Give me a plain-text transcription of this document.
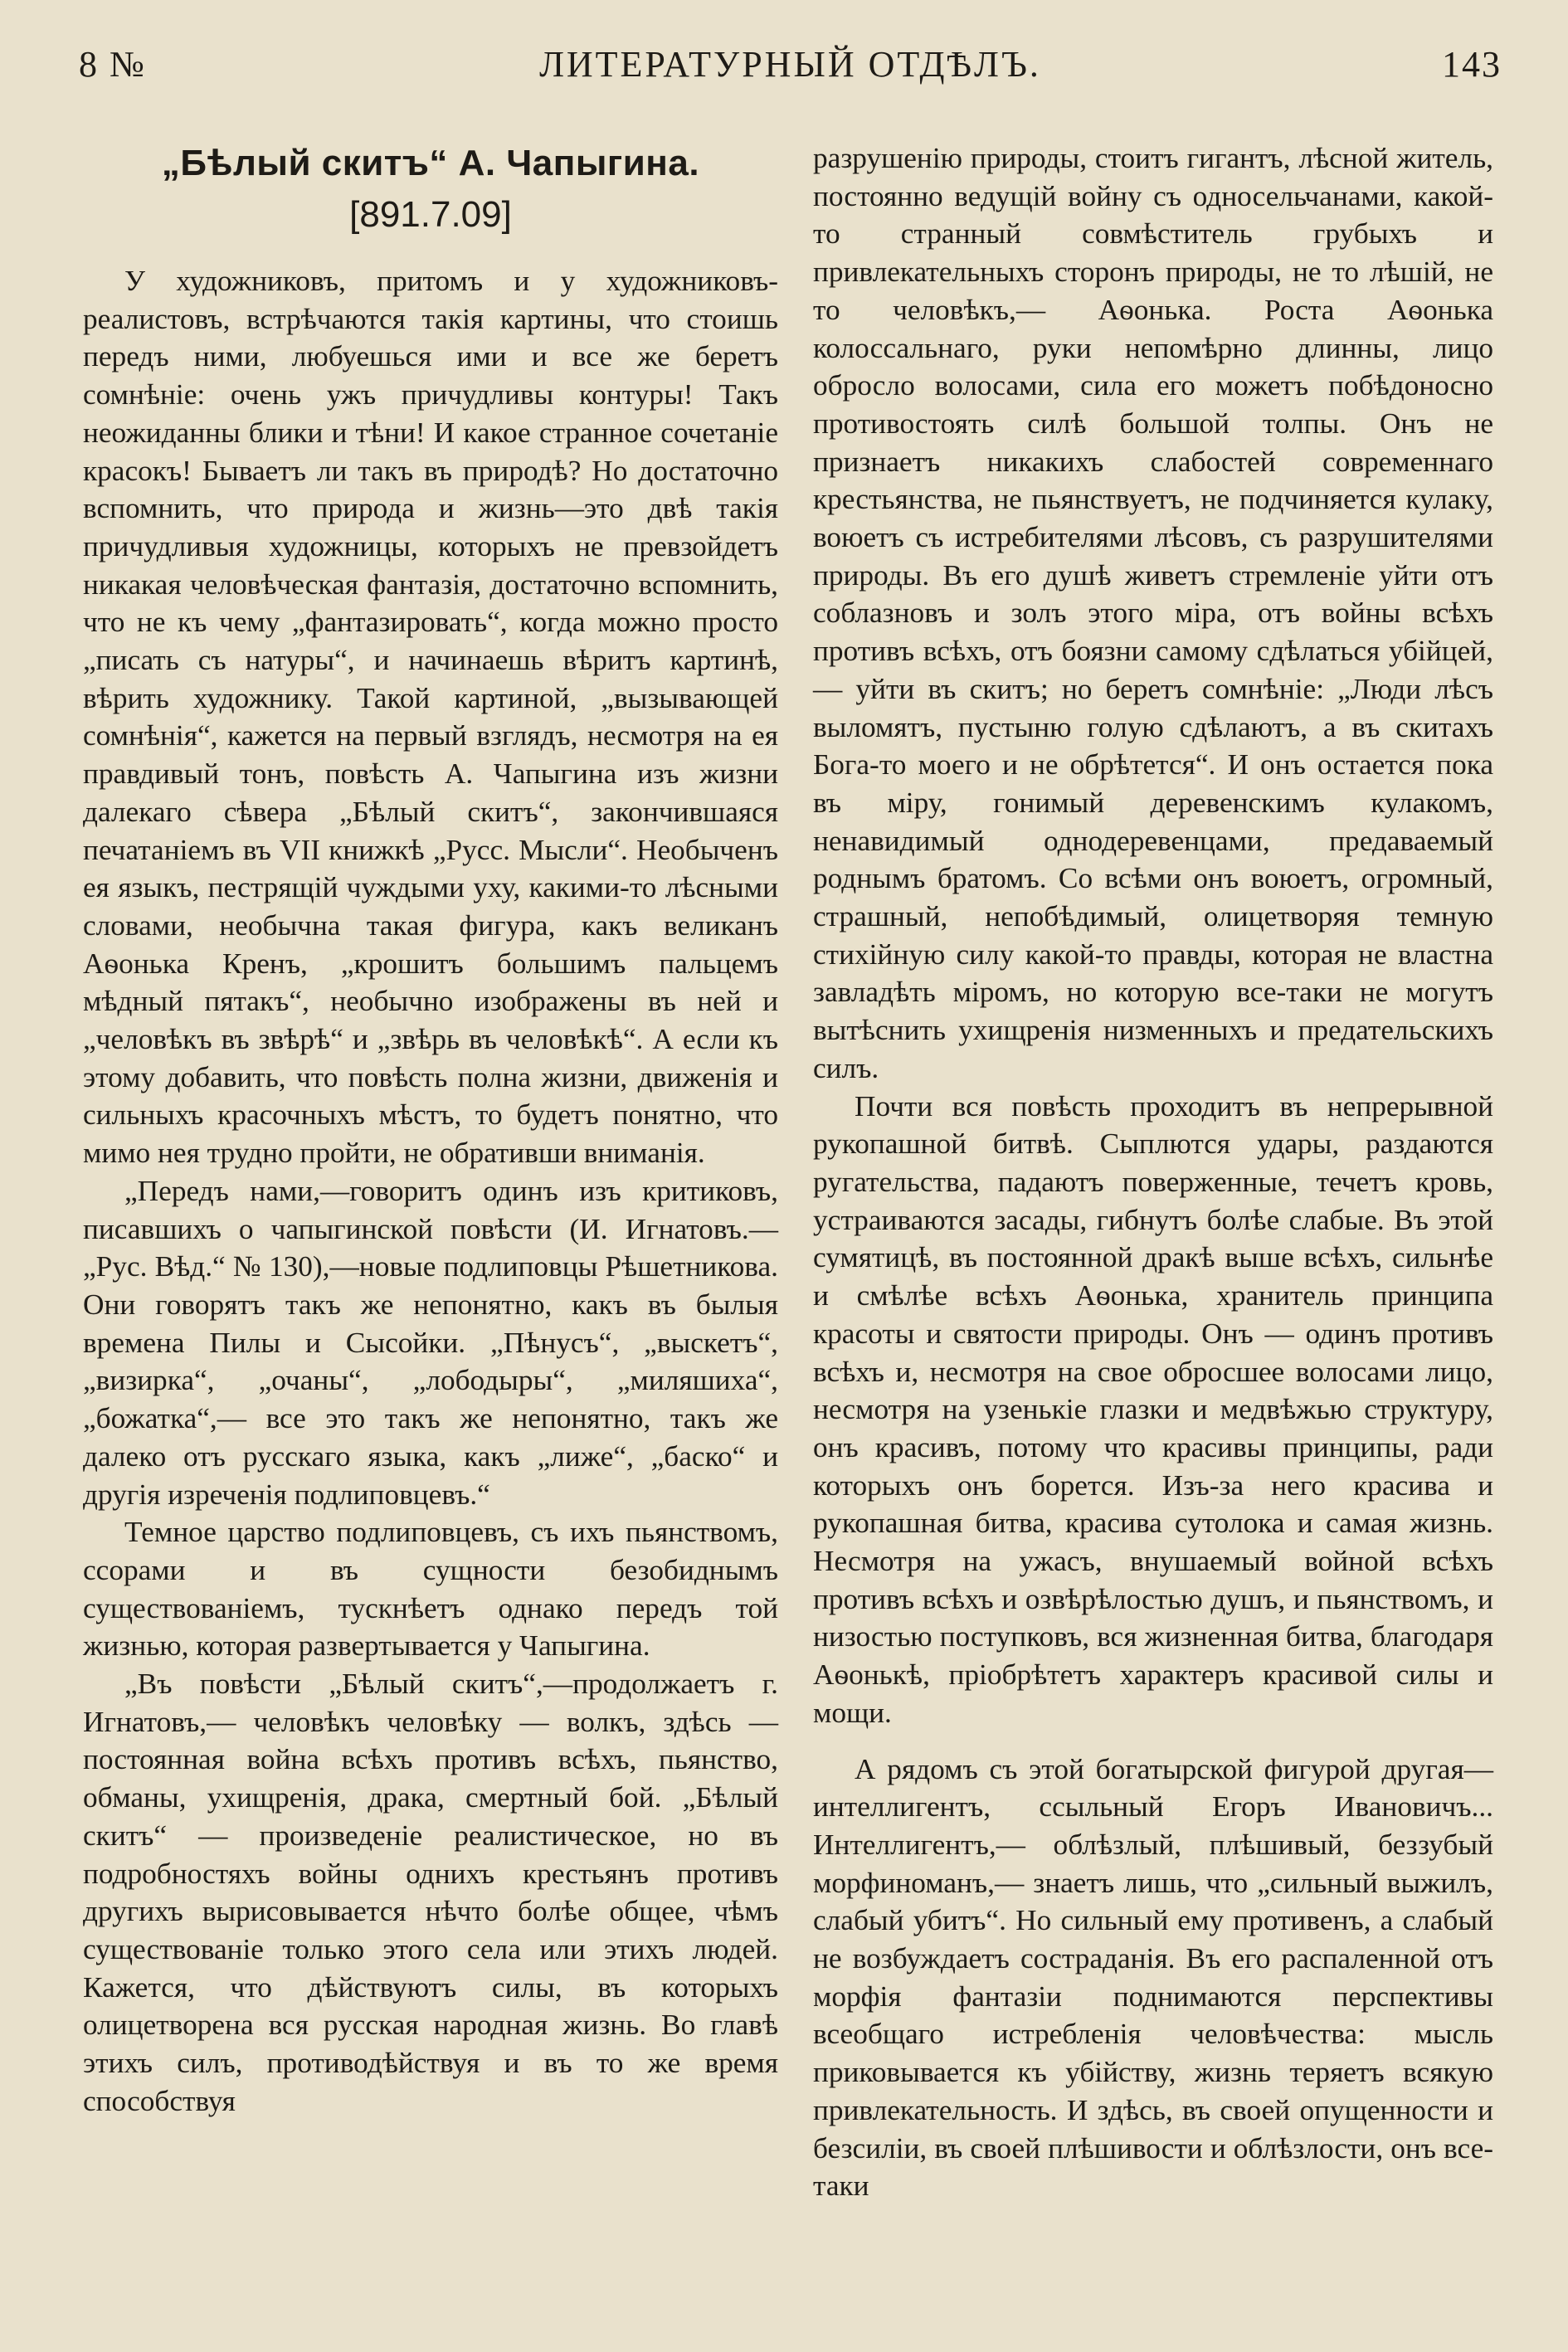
8 №	ЛИТЕРАТУРНЫЙ ОТДѢЛЪ.	143
„Бѣлый скитъ“ А. Чапыгина.
[891.7.09]

У художниковъ, притомъ и у художниковъ-реалистовъ, встрѣчаются такія картины, что стоишь передъ ними, любуешься ими и все же беретъ сомнѣніе: очень ужъ причудливы контуры! Такъ неожиданны блики и тѣни! И какое странное сочетаніе красокъ! Бываетъ ли такъ въ природѣ? Но достаточно вспомнить, что природа и жизнь—это двѣ такія причудливыя художницы, которыхъ не превзойдетъ никакая человѣческая фантазія, достаточно вспомнить, что не къ чему „фантазировать“, когда можно просто „писать съ натуры“, и начинаешь вѣритъ картинѣ, вѣрить художнику. Такой картиной, „вызывающей сомнѣнія“, кажется на первый взглядъ, несмотря на ея правдивый тонъ, повѣсть А. Чапыгина изъ жизни далекаго сѣвера „Бѣлый скитъ“, закончившаяся печатаніемъ въ VII книжкѣ „Русс. Мысли“. Необыченъ ея языкъ, пестрящій чуждыми уху, какими-то лѣсными словами, необычна такая фигура, какъ великанъ Аѳонька Кренъ, „крошитъ большимъ пальцемъ мѣдный пятакъ“, необычно изображены въ ней и „человѣкъ въ звѣрѣ“ и „звѣрь въ человѣкѣ“. А если къ этому добавить, что повѣсть полна жизни, движенія и сильныхъ красочныхъ мѣстъ, то будетъ понятно, что мимо нея трудно пройти, не обративши вниманія.

„Передъ нами,—говоритъ одинъ изъ критиковъ, писавшихъ о чапыгинской повѣсти (И. Игнатовъ.—„Рус. Вѣд.“ № 130),—новые подлиповцы Рѣшетникова. Они говорятъ такъ же непонятно, какъ въ былыя времена Пилы и Сысойки. „Пѣнусъ“, „выскетъ“, „визирка“, „очаны“, „лободыры“, „миляшиха“, „божатка“,— все это такъ же непонятно, такъ же далеко отъ русскаго языка, какъ „лиже“, „баско“ и другія изреченія подлиповцевъ.“

Темное царство подлиповцевъ, съ ихъ пьянствомъ, ссорами и въ сущности безобиднымъ существованіемъ, тускнѣетъ однако передъ той жизнью, которая развертывается у Чапыгина.

„Въ повѣсти „Бѣлый скитъ“,—продолжаетъ г. Игнатовъ,— человѣкъ человѣку — волкъ, здѣсь — постоянная война всѣхъ противъ всѣхъ, пьянство, обманы, ухищренія, драка, смертный бой. „Бѣлый скитъ“ — произведеніе реалистическое, но въ подробностяхъ войны однихъ крестьянъ противъ другихъ вырисовывается нѣчто болѣе общее, чѣмъ существованіе только этого села или этихъ людей. Кажется, что дѣйствуютъ силы, въ которыхъ олицетворена вся русская народная жизнь. Во главѣ этихъ силъ, противодѣйствуя и въ то же время способствуя

разрушенію природы, стоитъ гигантъ, лѣсной житель, постоянно ведущій войну съ односельчанами, какой-то странный совмѣститель грубыхъ и привлекательныхъ сторонъ природы, не то лѣшій, не то человѣкъ,— Аѳонька. Роста Аѳонька колоссальнаго, руки непомѣрно длинны, лицо обросло волосами, сила его можетъ побѣдоносно противостоять силѣ большой толпы. Онъ не признаетъ никакихъ слабостей современнаго крестьянства, не пьянствуетъ, не подчиняется кулаку, воюетъ съ истребителями лѣсовъ, съ разрушителями природы. Въ его душѣ живетъ стремленіе уйти отъ соблазновъ и золъ этого міра, отъ войны всѣхъ противъ всѣхъ, отъ боязни самому сдѣлаться убійцей,— уйти въ скитъ; но беретъ сомнѣніе: „Люди лѣсъ выломятъ, пустыню голую сдѣлаютъ, а въ скитахъ Бога-то моего и не обрѣтется“. И онъ остается пока въ міру, гонимый деревенскимъ кулакомъ, ненавидимый однодеревенцами, предаваемый роднымъ братомъ. Со всѣми онъ воюетъ, огромный, страшный, непобѣдимый, олицетворяя темную стихійную силу какой-то правды, которая не властна завладѣть міромъ, но которую все-таки не могутъ вытѣснить ухищренія низменныхъ и предательскихъ силъ.

Почти вся повѣсть проходитъ въ непрерывной рукопашной битвѣ. Сыплются удары, раздаются ругательства, падаютъ поверженные, течетъ кровь, устраиваются засады, гибнутъ болѣе слабые. Въ этой сумятицѣ, въ постоянной дракѣ выше всѣхъ, сильнѣе и смѣлѣе всѣхъ Аѳонька, хранитель принципа красоты и святости природы. Онъ — одинъ противъ всѣхъ и, несмотря на свое обросшее волосами лицо, несмотря на узенькіе глазки и медвѣжью структуру, онъ красивъ, потому что красивы принципы, ради которыхъ онъ борется. Изъ-за него красива и рукопашная битва, красива сутолока и самая жизнь. Несмотря на ужасъ, внушаемый войной всѣхъ противъ всѣхъ и озвѣрѣлостью душъ, и пьянствомъ, и низостью поступковъ, вся жизненная битва, благодаря Аѳонькѣ, пріобрѣтетъ характеръ красивой силы и мощи.

А рядомъ съ этой богатырской фигурой другая—интеллигентъ, ссыльный Егоръ Ивановичъ... Интеллигентъ,— облѣзлый, плѣшивый, беззубый морфиноманъ,— знаетъ лишь, что „сильный выжилъ, слабый убитъ“. Но сильный ему противенъ, а слабый не возбуждаетъ состраданія. Въ его распаленной отъ морфія фантазіи поднимаются перспективы всеобщаго истребленія человѣчества: мысль приковывается къ убійству, жизнь теряетъ всякую привлекательность. И здѣсь, въ своей опущенности и безсиліи, въ своей плѣшивости и облѣзлости, онъ все-таки
